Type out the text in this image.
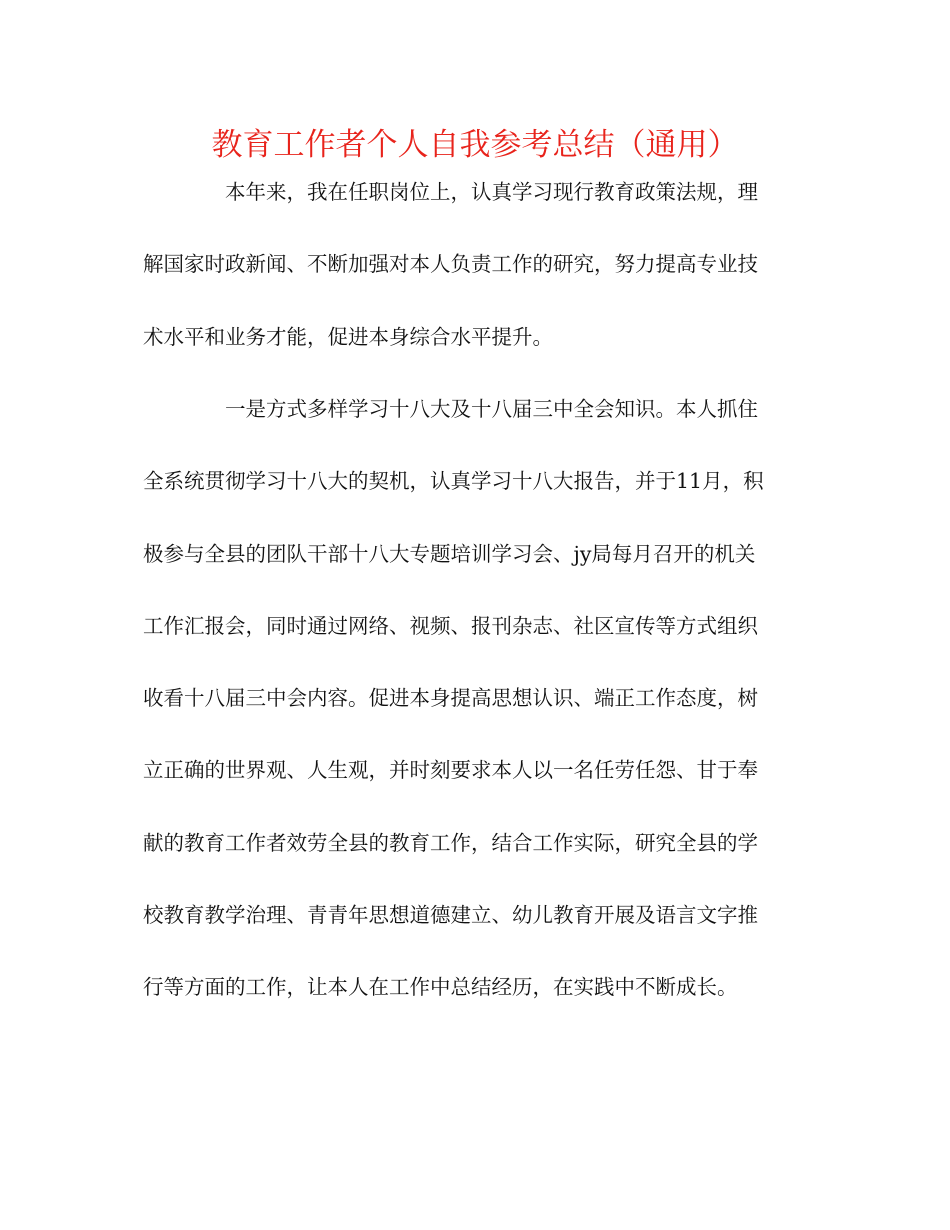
教育工作者个人自我参考总结（通用）

本年来，我在任职岗位上，认真学习现行教育政策法规，理

解国家时政新闻、不断加强对本人负责工作的研究，努力提高专业技
术水平和业务才能，促进本身综合水平提升。

一是方式多样学习十八大及十八届三中全会知识。本人抓住

全系统贯彻学习十八大的契机，认真学习十八大报告，并于11月，积
极参与全县的团队干部十八大专题培训学习会、jy局每月召开的机关
工作汇报会，同时通过网络、视频、报刊杂志、社区宣传等方式组织
收看十八届三中会内容。促进本身提高思想认识、端正工作态度，树
立正确的世界观、人生观，并时刻要求本人以一名任劳任怨、甘于奉
献的教育工作者效劳全县的教育工作，结合工作实际，研究全县的学
校教育教学治理、青青年思想道德建立、幼儿教育开展及语言文字推
行等方面的工作，让本人在工作中总结经历，在实践中不断成长。
